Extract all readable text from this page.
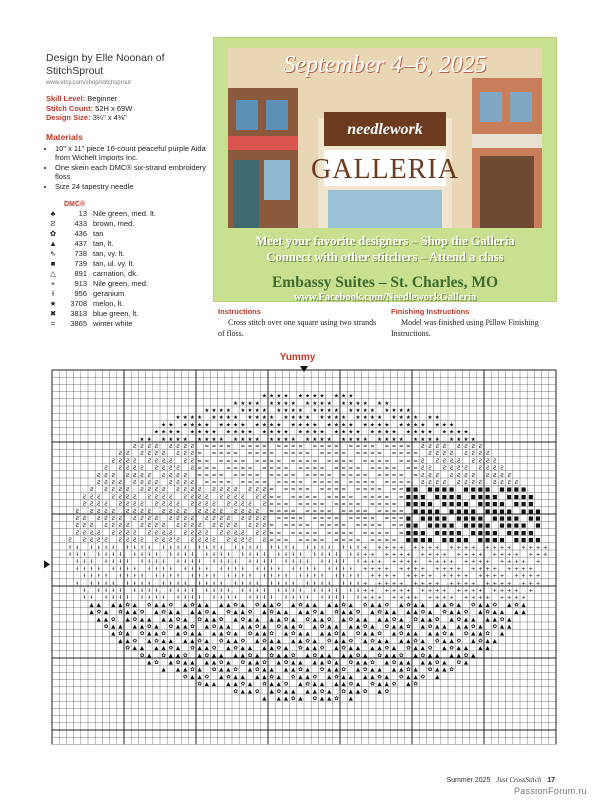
Design by Elle Noonan of
StitchSprout
www.etsy.com/shop/stitchsprout
Skill Level: Beginner
Stitch Count: 52H x 69W
Design Size: 3¼" x 4⅜"
Materials
• 10" x 11" piece 16-count peaceful purple Aida from Wichelt Imports Inc.
• One skein each DMC® six-strand embroidery floss
• Size 24 tapestry needle
DMC®
♣	13	Nile green, med. lt.
Ƨ	433	brown, med.
✿	436	tan
▲	437	tan, lt.
⇖	738	tan, vy. lt.
■	739	tan, ul. vy. lt.
△	891	carnation, dk.
+	913	Nile green, med.
Ɨ	956	geranium
★	3708	melon, lt.
✖	3813	blue green, lt.
=	3865	winter white
needlework
GALLERIA
September 4–6, 2025
Meet your favorite designers – Shop the Galleria
Connect with other stitchers – Attend a class
Embassy Suites – St. Charles, MO
www.Facebook.com/NeedleworkGalleria
Instructions
Cross stitch over one square using two strands of floss.
Finishing Instructions
Model was finished using Pillow Finishing Instructions.
Yummy
★ ★ ★ ★ ★ ★ ★ ★ ★ ★ ★
★ ★ ★ ★ ★ ★ ★ ★ ★ ★ ★ ★ ★ ★ ★ ★ ★ ★
★ ★ ★ ★ ★ ★ ★ ★ ★ ★ ★ ★ ★ ★ ★ ★ ★ ★ ★ ★ ★ ★ ★ ★
★ ★ ★ ★ ★ ★ ★ ★ ★ ★ ★ ★ ★ ★ ★ ★ ★ ★ ★ ★ ★ ★ ★ ★ ★ ★ ★ ★ ★ ★
★ ★ ★ ★ ★ ★ ★ ★ ★ ★ ★ ★ ★ ★ ★ ★ ★ ★ ★ ★ ★ ★ ★ ★ ★ ★ ★ ★ ★ ★ ★ ★ ★
★ ★ ★ ★ ★ ★ ★ ★ ★ ★ ★ ★ ★ ★ ★ ★ ★ ★ ★ ★ ★ ★ ★ ★ ★ ★ ★ ★ ★ ★ ★ ★ ★ ★ ★ ★
★ ★ ★ ★ ★ ★ ★ ★ ★ ★ ★ ★ ★ ★ ★ ★ ★ ★ ★ ★ ★ ★ ★ ★ ★ ★ ★ ★ ★ ★ ★ ★ ★ ★ ★ ★ ★ ★
Ƨ Ƨ Ƨ Ƨ Ƨ Ƨ Ƨ Ƨ = = = = = = = = = = = = = = = = = = = = = = = = Ƨ Ƨ Ƨ Ƨ Ƨ Ƨ Ƨ Ƨ
Ƨ Ƨ Ƨ Ƨ Ƨ Ƨ Ƨ Ƨ Ƨ = = = = = = = = = = = = = = = = = = = = = = = = = Ƨ Ƨ Ƨ Ƨ Ƨ Ƨ Ƨ Ƨ
Ƨ Ƨ Ƨ Ƨ Ƨ Ƨ Ƨ Ƨ Ƨ Ƨ = = = = = = = = = = = = = = = = = = = = = = = = = Ƨ Ƨ Ƨ Ƨ Ƨ Ƨ Ƨ Ƨ Ƨ
Ƨ Ƨ Ƨ Ƨ Ƨ Ƨ Ƨ Ƨ Ƨ Ƨ = = = = = = = = = = = = = = = = = = = = = = = = = Ƨ Ƨ Ƨ Ƨ Ƨ Ƨ Ƨ Ƨ Ƨ Ƨ
Ƨ Ƨ Ƨ Ƨ Ƨ Ƨ Ƨ Ƨ Ƨ Ƨ Ƨ = = = = = = = = = = = = = = = = = = = = = = = = = Ƨ Ƨ Ƨ Ƨ Ƨ Ƨ Ƨ Ƨ Ƨ Ƨ Ƨ
Ƨ Ƨ Ƨ Ƨ Ƨ Ƨ Ƨ Ƨ Ƨ Ƨ Ƨ Ƨ = = = = = = = = = = = = = = = = = = = = = = = = Ƨ Ƨ Ƨ Ƨ Ƨ Ƨ Ƨ Ƨ Ƨ Ƨ Ƨ Ƨ
Ƨ Ƨ Ƨ Ƨ Ƨ Ƨ Ƨ Ƨ Ƨ Ƨ Ƨ Ƨ Ƨ Ƨ Ƨ Ƨ Ƨ Ƨ Ƨ Ƨ = = = = = = = = = = = = = = = ■ ■ ■ ■ ■ ■ ■ ■ ■ ■ ■ ■ ■ ■
Ƨ Ƨ Ƨ Ƨ Ƨ Ƨ Ƨ Ƨ Ƨ Ƨ Ƨ Ƨ Ƨ Ƨ Ƨ Ƨ Ƨ Ƨ Ƨ Ƨ Ƨ = = = = = = = = = = = = = = = ■ ■ ■ ■ ■ ■ ■ ■ ■ ■ ■ ■ ■ ■ ■
Ƨ Ƨ Ƨ Ƨ Ƨ Ƨ Ƨ Ƨ Ƨ Ƨ Ƨ Ƨ Ƨ Ƨ Ƨ Ƨ Ƨ Ƨ Ƨ Ƨ Ƨ = = = = = = = = = = = = = = = ■ ■ ■ ■ ■ ■ ■ ■ ■ ■ ■ ■ ■ ■ ■
Ƨ Ƨ Ƨ Ƨ Ƨ Ƨ Ƨ Ƨ Ƨ Ƨ Ƨ Ƨ Ƨ Ƨ Ƨ Ƨ Ƨ Ƨ Ƨ Ƨ Ƨ = = = = = = = = = = = = = = = = ■ ■ ■ ■ ■ ■ ■ ■ ■ ■ ■ ■ ■ ■ ■
Ƨ Ƨ Ƨ Ƨ Ƨ Ƨ Ƨ Ƨ Ƨ Ƨ Ƨ Ƨ Ƨ Ƨ Ƨ Ƨ Ƨ Ƨ Ƨ Ƨ Ƨ Ƨ = = = = = = = = = = = = = = = ■ ■ ■ ■ ■ ■ ■ ■ ■ ■ ■ ■ ■ ■ ■
Ƨ Ƨ Ƨ Ƨ Ƨ Ƨ Ƨ Ƨ Ƨ Ƨ Ƨ Ƨ Ƨ Ƨ Ƨ Ƨ Ƨ Ƨ Ƨ Ƨ Ƨ Ƨ = = = = = = = = = = = = = = = ■ ■ ■ ■ ■ ■ ■ ■ ■ ■ ■ ■ ■ ■ ■
Ƨ Ƨ Ƨ Ƨ Ƨ Ƨ Ƨ Ƨ Ƨ Ƨ Ƨ Ƨ Ƨ Ƨ Ƨ Ƨ Ƨ Ƨ Ƨ Ƨ Ƨ Ƨ = = = = = = = = = = = = = = = ■ ■ ■ ■ ■ ■ ■ ■ ■ ■ ■ ■ ■ ■ ■
Ƨ Ƨ Ƨ Ƨ Ƨ Ƨ Ƨ Ƨ Ƨ Ƨ Ƨ Ƨ Ƨ Ƨ Ƨ Ƨ Ƨ Ƨ Ƨ Ƨ Ƨ Ƨ = = = = = = = = = = = = = = = ■ ■ ■ ■ ■ ■ ■ ■ ■ ■ ■ ■ ■ ■ ■ ■
Ɨ Ɨ Ɨ Ɨ Ɨ Ɨ Ɨ Ɨ Ɨ Ɨ Ɨ Ɨ Ɨ Ɨ Ɨ Ɨ Ɨ Ɨ Ɨ Ɨ Ɨ Ɨ Ɨ Ɨ Ɨ Ɨ Ɨ Ɨ Ɨ Ɨ Ɨ Ɨ Ɨ + + + + + + + + + + + + + + + + + + + + +
Ɨ Ɨ Ɨ Ɨ Ɨ Ɨ Ɨ Ɨ Ɨ Ɨ Ɨ Ɨ Ɨ Ɨ Ɨ Ɨ Ɨ Ɨ Ɨ Ɨ Ɨ Ɨ Ɨ Ɨ Ɨ Ɨ Ɨ Ɨ Ɨ Ɨ Ɨ Ɨ Ɨ + + + + + + + + + + + + + + + + + + + + +
Ɨ Ɨ Ɨ Ɨ Ɨ Ɨ Ɨ Ɨ Ɨ Ɨ Ɨ Ɨ Ɨ Ɨ Ɨ Ɨ Ɨ Ɨ Ɨ Ɨ Ɨ Ɨ Ɨ Ɨ Ɨ Ɨ Ɨ Ɨ Ɨ Ɨ Ɨ Ɨ + + + + + + + + + + + + + + + + + + + +
Ɨ Ɨ Ɨ Ɨ Ɨ Ɨ Ɨ Ɨ Ɨ Ɨ Ɨ Ɨ Ɨ Ɨ Ɨ Ɨ Ɨ Ɨ Ɨ Ɨ Ɨ Ɨ Ɨ Ɨ Ɨ Ɨ Ɨ Ɨ Ɨ Ɨ Ɨ Ɨ + + + + + + + + + + + + + + + + + + + +
Ɨ Ɨ Ɨ Ɨ Ɨ Ɨ Ɨ Ɨ Ɨ Ɨ Ɨ Ɨ Ɨ Ɨ Ɨ Ɨ Ɨ Ɨ Ɨ Ɨ Ɨ Ɨ Ɨ Ɨ Ɨ Ɨ Ɨ Ɨ Ɨ Ɨ Ɨ Ɨ + + + + + + + + + + + + + + + + + + + +
Ɨ Ɨ Ɨ Ɨ Ɨ Ɨ Ɨ Ɨ Ɨ Ɨ Ɨ Ɨ Ɨ Ɨ Ɨ Ɨ Ɨ Ɨ Ɨ Ɨ Ɨ Ɨ Ɨ Ɨ Ɨ Ɨ Ɨ Ɨ Ɨ Ɨ Ɨ Ɨ + + + + + + + + + + + + + + + + + + + +
Ɨ Ɨ Ɨ Ɨ Ɨ Ɨ Ɨ Ɨ Ɨ Ɨ Ɨ Ɨ Ɨ Ɨ Ɨ Ɨ Ɨ Ɨ Ɨ Ɨ Ɨ Ɨ Ɨ Ɨ Ɨ Ɨ Ɨ Ɨ Ɨ Ɨ Ɨ + + + + + + + + + + + + + + + + + + +
Ɨ Ɨ Ɨ Ɨ Ɨ Ɨ Ɨ Ɨ Ɨ Ɨ Ɨ Ɨ Ɨ Ɨ Ɨ Ɨ Ɨ Ɨ Ɨ Ɨ Ɨ Ɨ Ɨ Ɨ Ɨ Ɨ Ɨ Ɨ Ɨ Ɨ Ɨ + + + + + + + + + + + + + + + + + + +
▲ ▲ ▲ ▲ ✿ ▲ ✿ ▲ ▲ ✿ ▲ ✿ ▲ ▲ ▲ ▲ ✿ ▲ ✿ ▲ ▲ ✿ ▲ ✿ ▲ ▲ ▲ ▲ ✿ ▲ ✿ ▲ ▲ ✿ ▲ ✿ ▲ ▲ ▲ ▲ ✿ ▲ ✿ ▲ ▲ ✿ ▲ ✿ ▲
▲ ✿ ▲ ✿ ▲ ▲ ✿ ▲ ✿ ▲ ▲ ▲ ▲ ✿ ▲ ✿ ▲ ▲ ✿ ▲ ✿ ▲ ▲ ▲ ▲ ✿ ▲ ✿ ▲ ▲ ✿ ▲ ✿ ▲ ▲ ▲ ▲ ✿ ▲ ✿ ▲ ▲ ✿ ▲ ✿ ▲ ▲ ▲ ▲
▲ ▲ ✿ ▲ ✿ ▲ ▲ ▲ ▲ ✿ ▲ ✿ ▲ ▲ ✿ ▲ ✿ ▲ ▲ ▲ ▲ ✿ ▲ ✿ ▲ ▲ ✿ ▲ ✿ ▲ ▲ ▲ ▲ ✿ ▲ ✿ ▲ ▲ ✿ ▲ ✿ ▲ ▲ ▲ ▲ ✿ ▲
✿ ▲ ▲ ▲ ▲ ✿ ▲ ✿ ▲ ▲ ✿ ▲ ✿ ▲ ▲ ▲ ▲ ✿ ▲ ✿ ▲ ▲ ✿ ▲ ✿ ▲ ▲ ▲ ▲ ✿ ▲ ✿ ▲ ▲ ✿ ▲ ✿ ▲ ▲ ▲ ▲ ✿ ▲ ✿ ▲ ▲
▲ ✿ ▲ ✿ ▲ ▲ ✿ ▲ ✿ ▲ ▲ ▲ ▲ ✿ ▲ ✿ ▲ ▲ ✿ ▲ ✿ ▲ ▲ ▲ ▲ ✿ ▲ ✿ ▲ ▲ ✿ ▲ ✿ ▲ ▲ ▲ ▲ ✿ ▲ ✿ ▲ ▲ ✿ ▲
▲ ▲ ✿ ▲ ✿ ▲ ▲ ▲ ▲ ✿ ▲ ✿ ▲ ▲ ✿ ▲ ✿ ▲ ▲ ▲ ▲ ✿ ▲ ✿ ▲ ▲ ✿ ▲ ✿ ▲ ▲ ▲ ▲ ✿ ▲ ✿ ▲ ▲ ✿ ▲ ✿ ▲ ▲
✿ ▲ ▲ ▲ ▲ ✿ ▲ ✿ ▲ ▲ ✿ ▲ ✿ ▲ ▲ ▲ ▲ ✿ ▲ ✿ ▲ ▲ ✿ ▲ ✿ ▲ ▲ ▲ ▲ ✿ ▲ ✿ ▲ ▲ ✿ ▲ ✿ ▲ ▲ ▲ ▲
✿ ▲ ✿ ▲ ▲ ✿ ▲ ✿ ▲ ▲ ▲ ▲ ✿ ▲ ✿ ▲ ▲ ✿ ▲ ✿ ▲ ▲ ▲ ▲ ✿ ▲ ✿ ▲ ▲ ✿ ▲ ✿ ▲ ▲ ▲ ▲ ✿ ▲
▲ ✿ ▲ ✿ ▲ ▲ ▲ ▲ ✿ ▲ ✿ ▲ ▲ ✿ ▲ ✿ ▲ ▲ ▲ ▲ ✿ ▲ ✿ ▲ ▲ ✿ ▲ ✿ ▲ ▲ ▲ ▲ ✿ ▲ ✿ ▲
▲ ▲ ▲ ✿ ▲ ✿ ▲ ▲ ✿ ▲ ✿ ▲ ▲ ▲ ▲ ✿ ▲ ✿ ▲ ▲ ✿ ▲ ✿ ▲ ▲ ▲ ▲ ✿ ▲ ✿ ▲ ▲ ✿
✿ ▲ ▲ ✿ ▲ ✿ ▲ ▲ ▲ ▲ ✿ ▲ ✿ ▲ ▲ ✿ ▲ ✿ ▲ ▲ ▲ ▲ ✿ ▲ ✿ ▲ ▲ ✿ ▲
✿ ▲ ▲ ▲ ▲ ✿ ▲ ✿ ▲ ▲ ✿ ▲ ✿ ▲ ▲ ▲ ▲ ✿ ▲ ✿ ▲ ▲ ✿ ▲ ✿
✿ ▲ ▲ ✿ ▲ ✿ ▲ ▲ ▲ ▲ ✿ ▲ ✿ ▲ ▲ ✿ ▲ ✿
▲ ▲ ▲ ✿ ▲ ✿ ▲ ▲ ✿ ▲
Summer 2025 Just CrossStitch 17
PassionForum.ru
